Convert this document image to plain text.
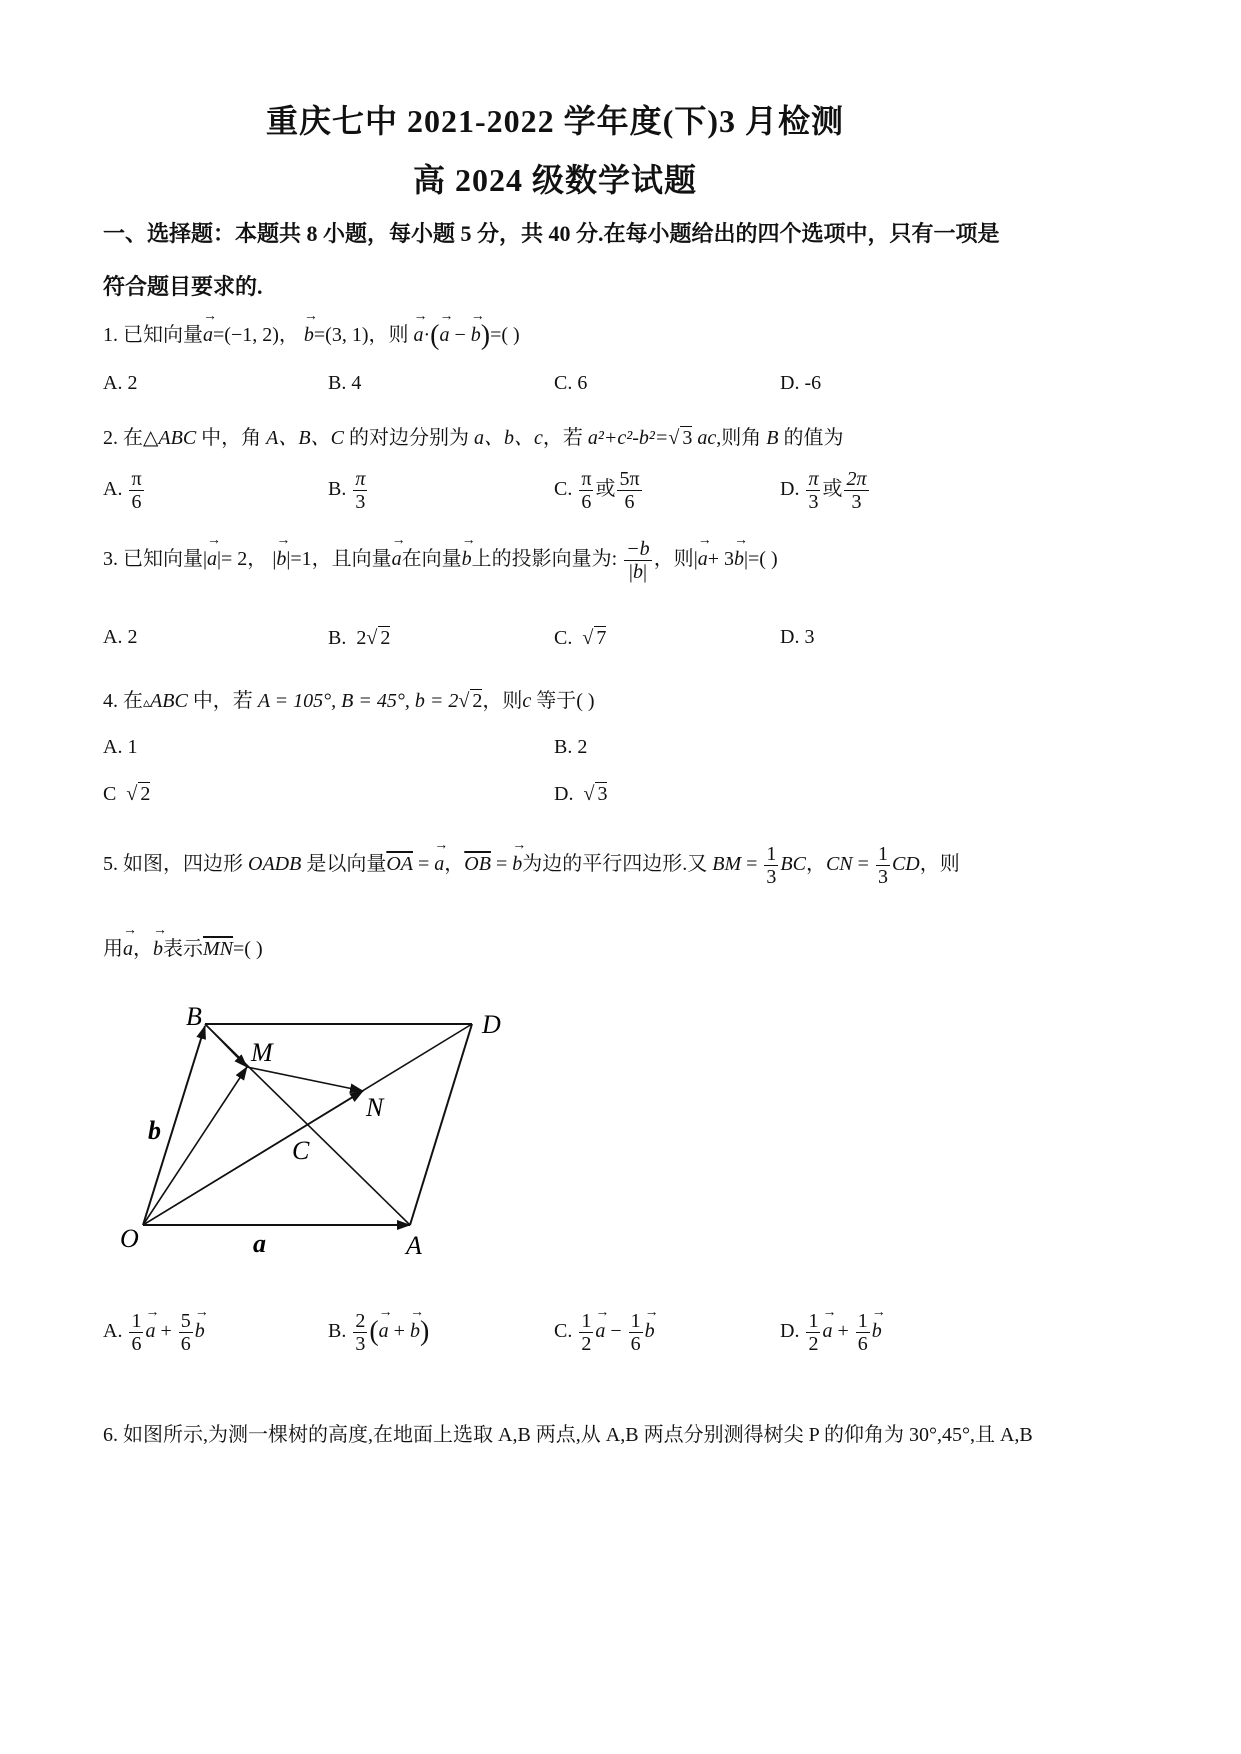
重庆七中 2021-2022 学年度(下)3 月检测
高 2024 级数学试题
一、选择题：本题共 8 小题，每小题 5 分，共 40 分.在每小题给出的四个选项中，只有一项是
符合题目要求的.
1. 已知向量→ a=(−1, 2)， → b=(3, 1)，则 → a·(→ a − → b)=( )
A. 2	B. 4	C. 6	D. -6
2. 在△ABC 中，角 A、B、C 的对边分别为 a、b、c，若 a²+c²-b²=√ 3 ac,则角 B 的值为
A. $\frac{\pi}{6}$	B. $\frac{\pi}{3}$	C. $\frac{\pi}{6}$ 或 $\frac{5\pi}{6}$	D. $\frac{\pi}{3}$ 或 $\frac{2\pi}{3}$
3. 已知向量|→ a|= 2， |→ b|=1，且向量→ a在向量→ b上的投影向量为: $\frac{-b}{|b|}$ ，则|→ a+ 3→ b|=( )
A. 2	B. 2√ 2	C.  √ 7	D. 3
4. 在▵ABC 中，若 A = 105°, B = 45°, b = 2√ 2，则c 等于( )
A. 1	B. 2
C  √ 2	D.  √ 3
5. 如图，四边形 OADB 是以向量$\overline{OA}$ = → a，$\overline{OB}$ = → b为边的平行四边形.又 BM = $\frac{1}{3}$ BC，CN = $\frac{1}{3}$ CD，则
用→ a，→ b表示$\overline{MN}=$( )
B	D
M
N
C
b
O	a	A
A. $\frac{1}{6} \to a + \frac{5}{6} \to b$	B. $\frac{2}{3}$ (→ a + → b)	C. $\frac{1}{2} \to a - \frac{1}{6} \to b$	D. $\frac{1}{2} \to a + \frac{1}{6} \to b$
6. 如图所示,为测一棵树的高度,在地面上选取 A,B 两点,从 A,B 两点分别测得树尖 P 的仰角为 30°,45°,且 A,B
